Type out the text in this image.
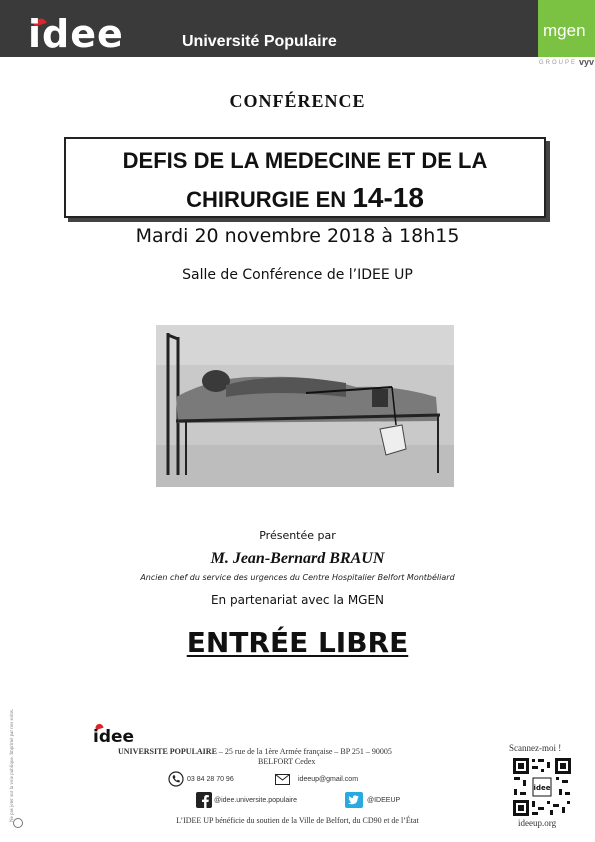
idee	Université Populaire
mgen
GROUPE vyv
CONFÉRENCE
DEFIS DE LA MEDECINE ET DE LA
CHIRURGIE EN 14-18
Mardi 20 novembre 2018 à 18h15
Salle de Conférence de l’IDEE UP
Présentée par
M. Jean-Bernard BRAUN
Ancien chef du service des urgences du Centre Hospitalier Belfort Montbéliard
En partenariat avec la MGEN
ENTRÉE LIBRE
Ne pas jeter sur la voie publique. Imprimé par nos soins.	idee
UNIVERSITE POPULAIRE – 25 rue de la 1ère Armée française – BP 251 – 90005
BELFORT Cedex
03 84 28 70 96	ideeup@gmail.com
@idee.universite.populaire	@IDEEUP
L’IDEE UP bénéficie du soutien de la Ville de Belfort, du CD90 et de l’État
Scannez-moi !
idee
ideeup.org
